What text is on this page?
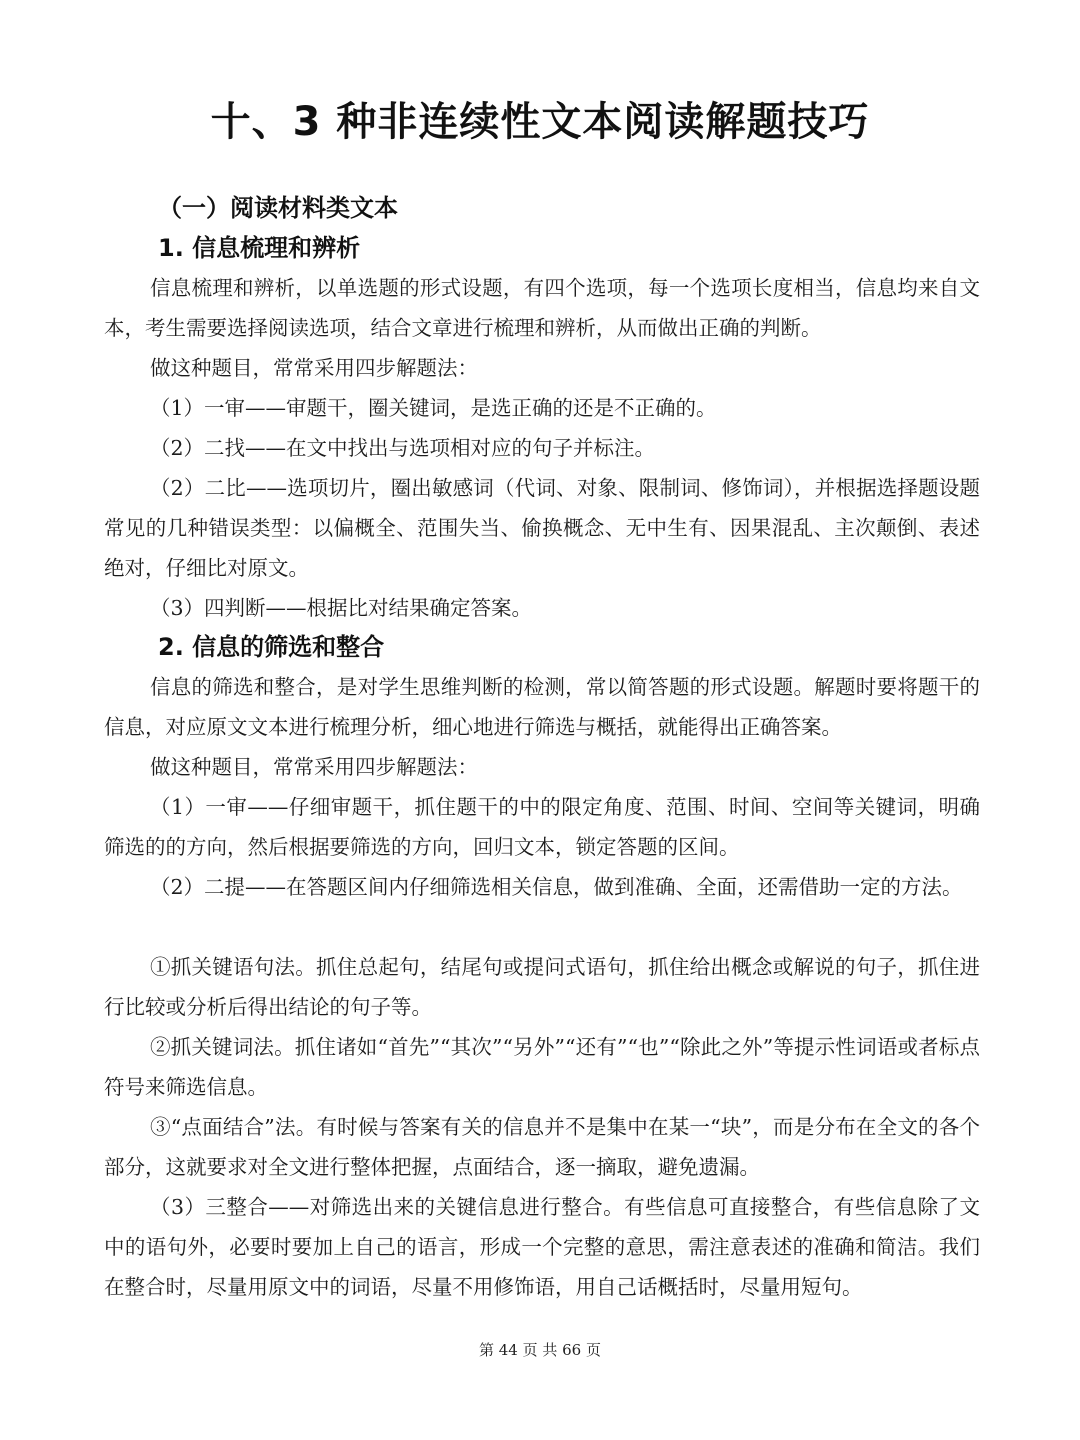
十、3 种非连续性文本阅读解题技巧
（一）阅读材料类文本
1. 信息梳理和辨析

信息梳理和辨析，以单选题的形式设题，有四个选项，每一个选项长度相当，信息均来自文本，考生需要选择阅读选项，结合文章进行梳理和辨析，从而做出正确的判断。

做这种题目，常常采用四步解题法：

（1）一审——审题干，圈关键词，是选正确的还是不正确的。

（2）二找——在文中找出与选项相对应的句子并标注。

（2）二比——选项切片，圈出敏感词（代词、对象、限制词、修饰词），并根据选择题设题常见的几种错误类型：以偏概全、范围失当、偷换概念、无中生有、因果混乱、主次颠倒、表述绝对，仔细比对原文。

（3）四判断——根据比对结果确定答案。

2. 信息的筛选和整合

信息的筛选和整合，是对学生思维判断的检测，常以简答题的形式设题。解题时要将题干的信息，对应原文文本进行梳理分析，细心地进行筛选与概括，就能得出正确答案。

做这种题目，常常采用四步解题法：

（1）一审——仔细审题干，抓住题干的中的限定角度、范围、时间、空间等关键词，明确筛选的的方向，然后根据要筛选的方向，回归文本，锁定答题的区间。

（2）二提——在答题区间内仔细筛选相关信息，做到准确、全面，还需借助一定的方法。

①抓关键语句法。抓住总起句，结尾句或提问式语句，抓住给出概念或解说的句子，抓住进行比较或分析后得出结论的句子等。

②抓关键词法。抓住诸如“首先”“其次”“另外”“还有”“也”“除此之外”等提示性词语或者标点符号来筛选信息。

③“点面结合”法。有时候与答案有关的信息并不是集中在某一“块”，而是分布在全文的各个部分，这就要求对全文进行整体把握，点面结合，逐一摘取，避免遗漏。

（3）三整合——对筛选出来的关键信息进行整合。有些信息可直接整合，有些信息除了文中的语句外，必要时要加上自己的语言，形成一个完整的意思，需注意表述的准确和简洁。我们在整合时，尽量用原文中的词语，尽量不用修饰语，用自己话概括时，尽量用短句。

第 44 页 共 66 页
